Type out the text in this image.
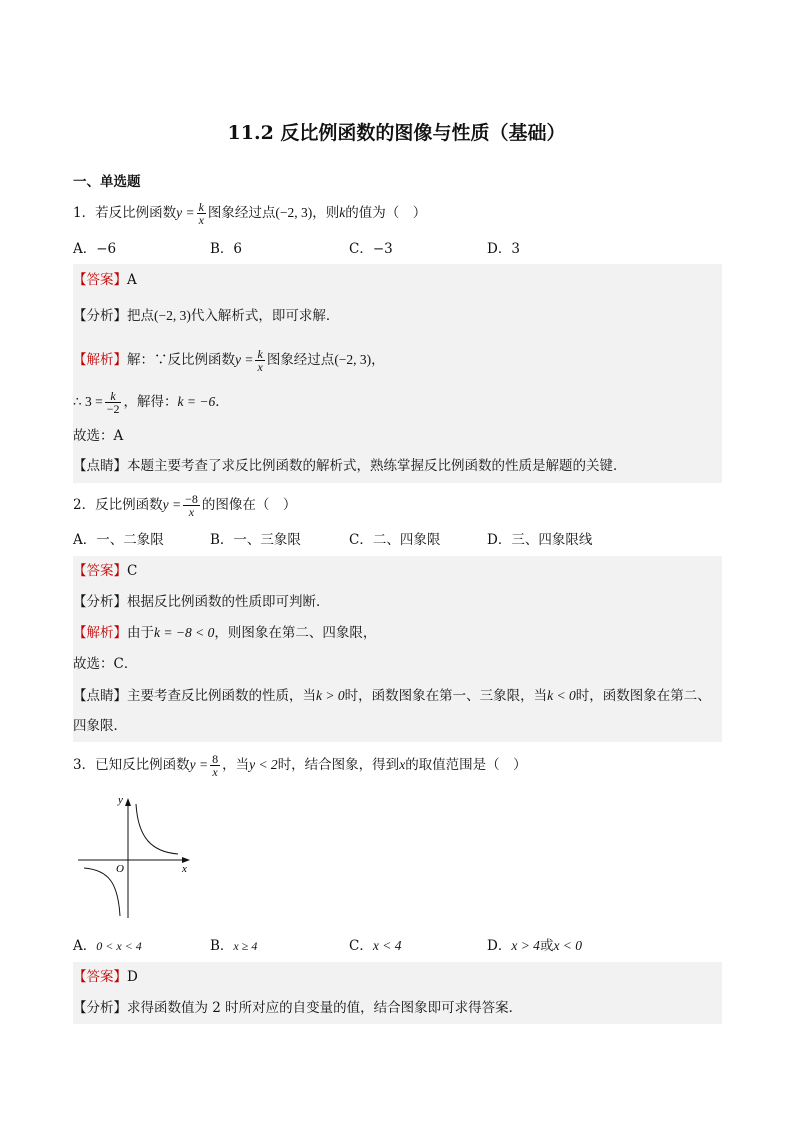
11.2 反比例函数的图像与性质（基础）
一、单选题
1．若反比例函数$y = \frac{k}{x}$ 图象经过点(−2, 3)，则k的值为（　）
A．−6	B．6	C．−3	D．3
【答案】A
【分析】把点(−2, 3)代入解析式，即可求解．
【解析】解：∵反比例函数$y = \frac{k}{x}$ 图象经过点(−2, 3)，
∴ $3 = \frac{k}{-2}$ ，解得：k = −6．
故选：A
【点睛】本题主要考查了求反比例函数的解析式，熟练掌握反比例函数的性质是解题的关键．
2．反比例函数$y = \frac{-8}{x}$ 的图像在（　）
A．一、二象限	B．一、三象限	C．二、四象限	D．三、四象限线
【答案】C
【分析】根据反比例函数的性质即可判断．
【解析】由于k = −8 < 0，则图象在第二、四象限，
故选：C．
【点睛】主要考查反比例函数的性质，当k > 0时，函数图象在第一、三象限，当k < 0时，函数图象在第二、
四象限．
3．已知反比例函数$y = \frac{8}{x}$ ，当y < 2时，结合图象，得到x的取值范围是（　）
y
x
O
A．0 < x < 4	B．x ≥ 4	C．x < 4	D．x > 4或x < 0
【答案】D
【分析】求得函数值为 2 时所对应的自变量的值，结合图象即可求得答案．
